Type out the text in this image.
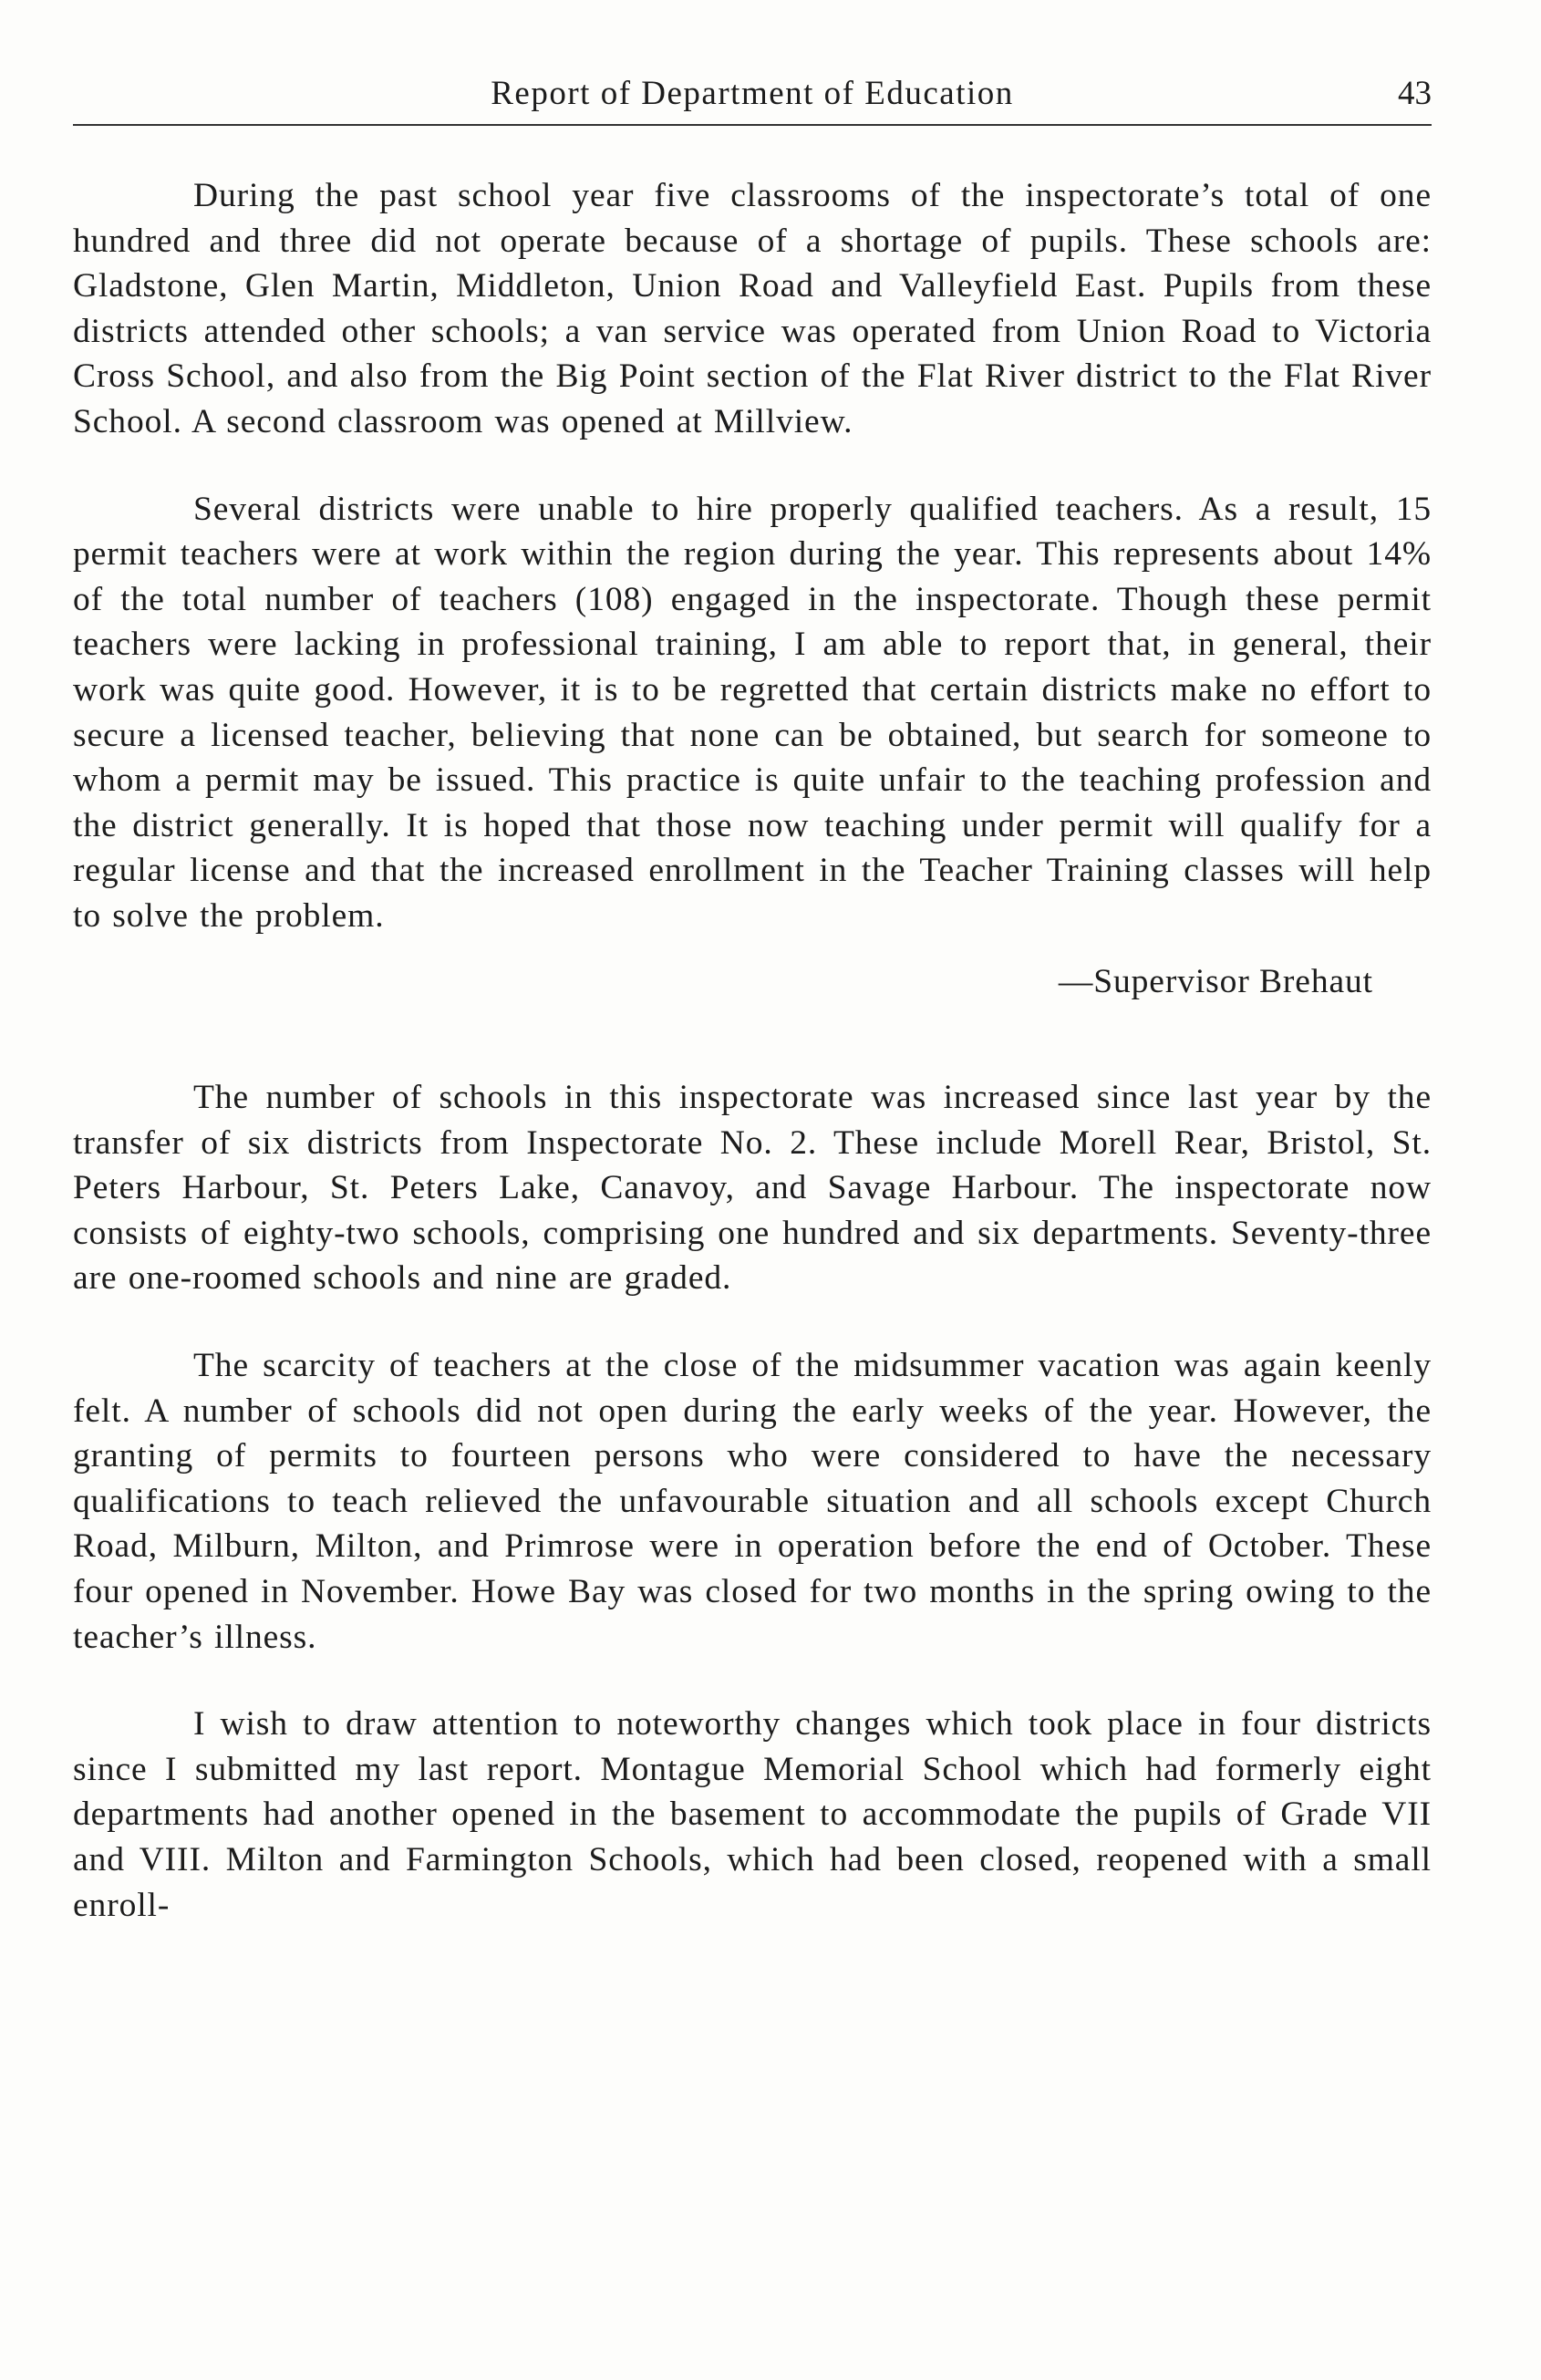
Report of Department of Education	43

During the past school year five classrooms of the inspectorate’s total of one hundred and three did not operate because of a shortage of pupils. These schools are: Gladstone, Glen Martin, Middleton, Union Road and Valleyfield East. Pupils from these districts attended other schools; a van service was operated from Union Road to Victoria Cross School, and also from the Big Point section of the Flat River district to the Flat River School. A second classroom was opened at Millview.

Several districts were unable to hire properly qualified teachers. As a result, 15 permit teachers were at work within the region during the year. This represents about 14% of the total number of teachers (108) engaged in the inspectorate. Though these permit teachers were lacking in professional training, I am able to report that, in general, their work was quite good. However, it is to be regretted that certain districts make no effort to secure a licensed teacher, believing that none can be obtained, but search for someone to whom a permit may be issued. This practice is quite unfair to the teaching profession and the district generally. It is hoped that those now teaching under permit will qualify for a regular license and that the increased enrollment in the Teacher Training classes will help to solve the problem.

—Supervisor Brehaut

The number of schools in this inspectorate was increased since last year by the transfer of six districts from Inspectorate No. 2. These include Morell Rear, Bristol, St. Peters Harbour, St. Peters Lake, Canavoy, and Savage Harbour. The inspectorate now consists of eighty-two schools, comprising one hundred and six departments. Seventy-three are one-roomed schools and nine are graded.

The scarcity of teachers at the close of the midsummer vacation was again keenly felt. A number of schools did not open during the early weeks of the year. However, the granting of permits to fourteen persons who were considered to have the necessary qualifications to teach relieved the unfavourable situation and all schools except Church Road, Milburn, Milton, and Primrose were in operation before the end of October. These four opened in November. Howe Bay was closed for two months in the spring owing to the teacher’s illness.

I wish to draw attention to noteworthy changes which took place in four districts since I submitted my last report. Montague Memorial School which had formerly eight departments had another opened in the basement to accommodate the pupils of Grade VII and VIII. Milton and Farmington Schools, which had been closed, reopened with a small enroll-
